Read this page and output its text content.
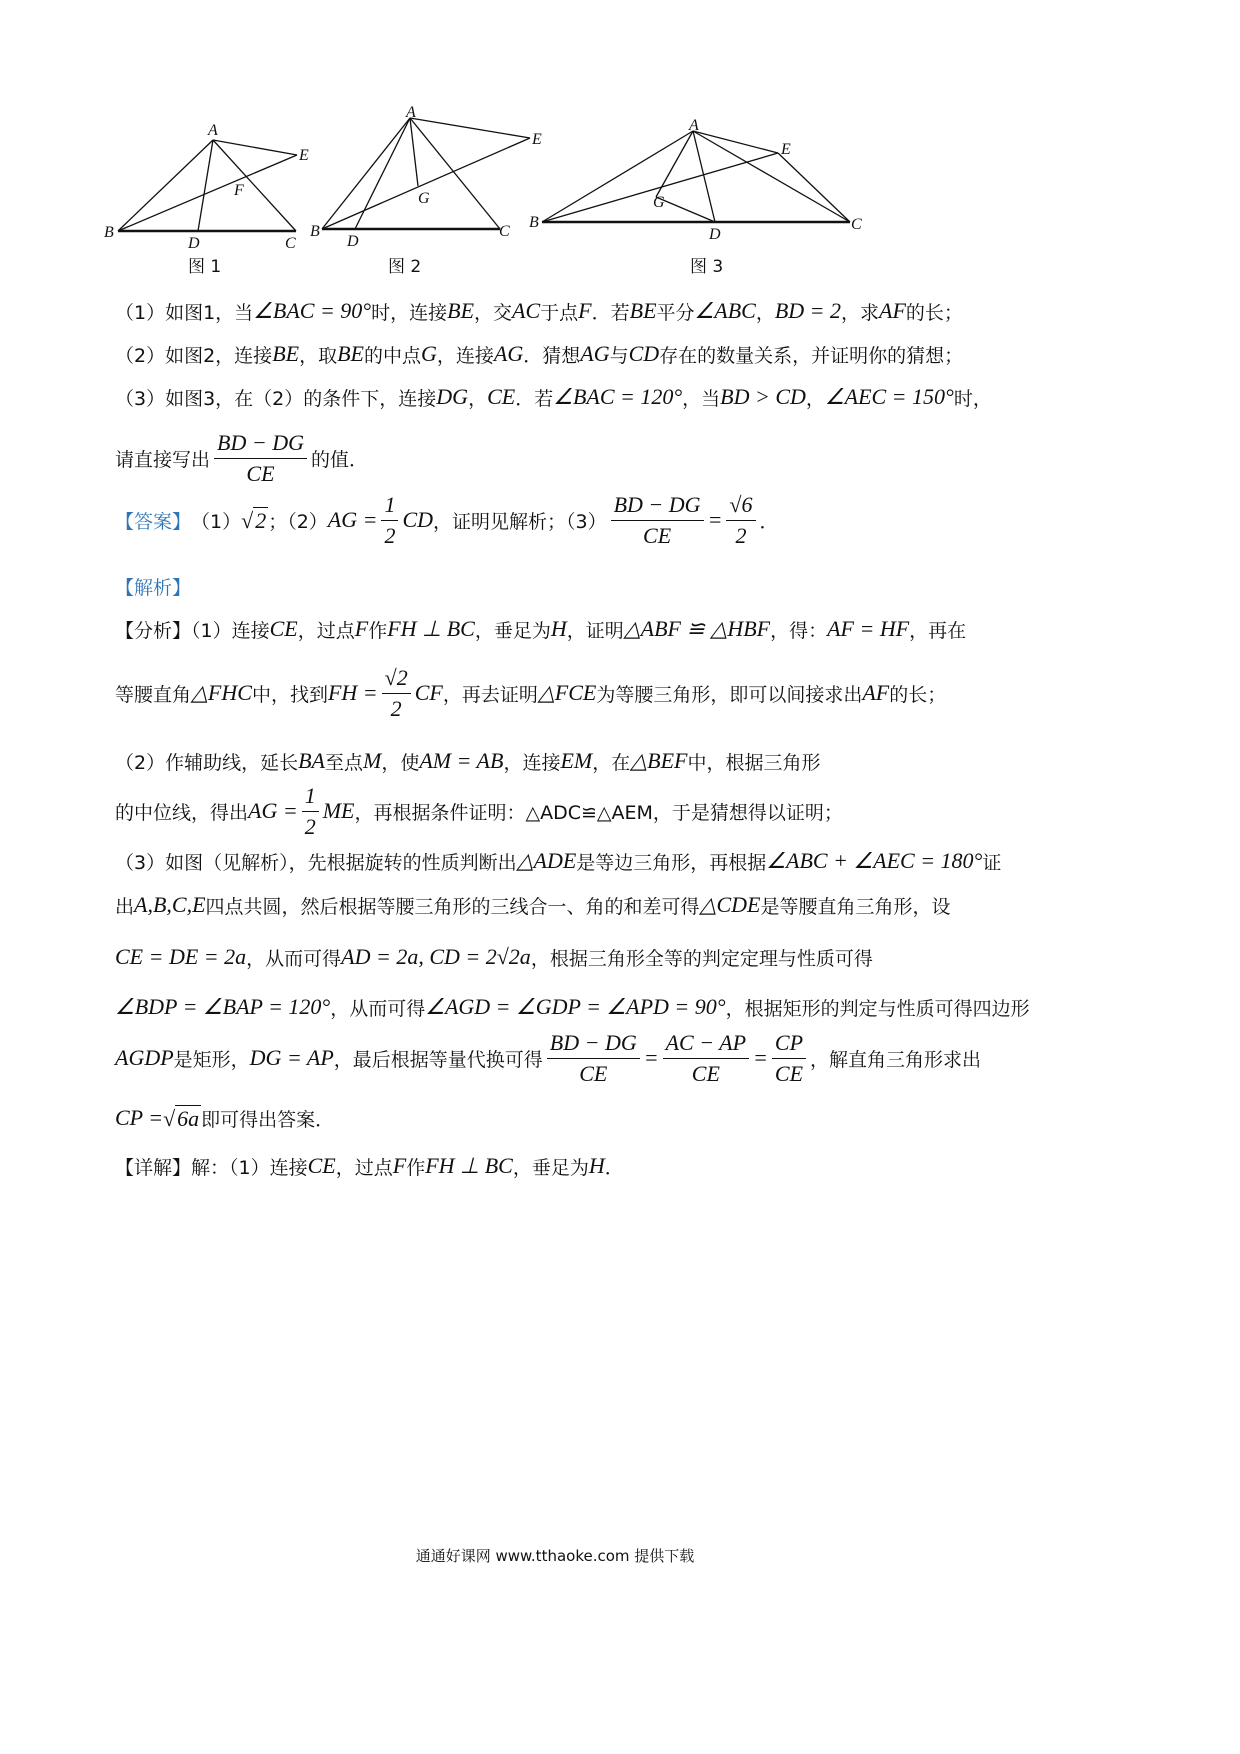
A
B
C
D
E
F
A
B	C
D
E
G
A
B	C
D
E
G
图 1	图 2	图 3
（1）如图1，当 ∠BAC = 90° 时，连接 BE ，交 AC 于点 F ．若 BE 平分 ∠ABC ， BD = 2 ，求 AF 的长；
（2）如图2，连接 BE ，取 BE 的中点 G ，连接 AG ．猜想 AG 与 CD 存在的数量关系，并证明你的猜想；
（3）如图3，在（2）的条件下，连接 DG ， CE ．若 ∠BAC = 120° ，当 BD > CD ， ∠AEC = 150° 时，
请直接写出 $\frac{BD - DG}{CE}$ 的值．
【答案】 （1） √ 2 ；（2） AG = $\frac{1}{2}$ CD ，证明见解析；$(3) \frac{BD - DG}{CE} = \frac{√6}{2}$ ．
【解析】
【分析】（1）连接 CE ，过点 F 作 FH ⊥ BC ，垂足为 H ，证明 △ABF ≌ △HBF ，得： AF = HF ，再在
等腰直角 △FHC 中，找到 FH = $\frac{√2}{2}$ CF ，再去证明 △FCE 为等腰三角形，即可以间接求出 AF 的长；
（2）作辅助线，延长 BA 至点 M ，使 AM = AB ，连接 EM ，在 △BEF 中，根据三角形
的中位线，得出 AG = $\frac{1}{2}$ ME ，再根据条件证明：△ADC≌△AEM，于是猜想得以证明；
（3）如图（见解析），先根据旋转的性质判断出 △ADE 是等边三角形，再根据 ∠ABC + ∠AEC = 180° 证
出 A,B,C,E 四点共圆，然后根据等腰三角形的三线合一、角的和差可得 △CDE 是等腰直角三角形，设
CE = DE = 2a ，从而可得 AD = 2a, CD = 2√2a ，根据三角形全等的判定定理与性质可得
∠BDP = ∠BAP = 120° ，从而可得 ∠AGD = ∠GDP = ∠APD = 90° ，根据矩形的判定与性质可得四边形
AGDP 是矩形， DG = AP ，最后根据等量代换可得 $\frac{BD - DG}{CE} = \frac{AC - AP}{CE} = \frac{CP}{CE}$ ，解直角三角形求出
CP = √ 6a 即可得出答案．
【详解】解：（1）连接 CE ，过点 F 作 FH ⊥ BC ，垂足为 H ．
通通好课网 www.tthaoke.com 提供下载
